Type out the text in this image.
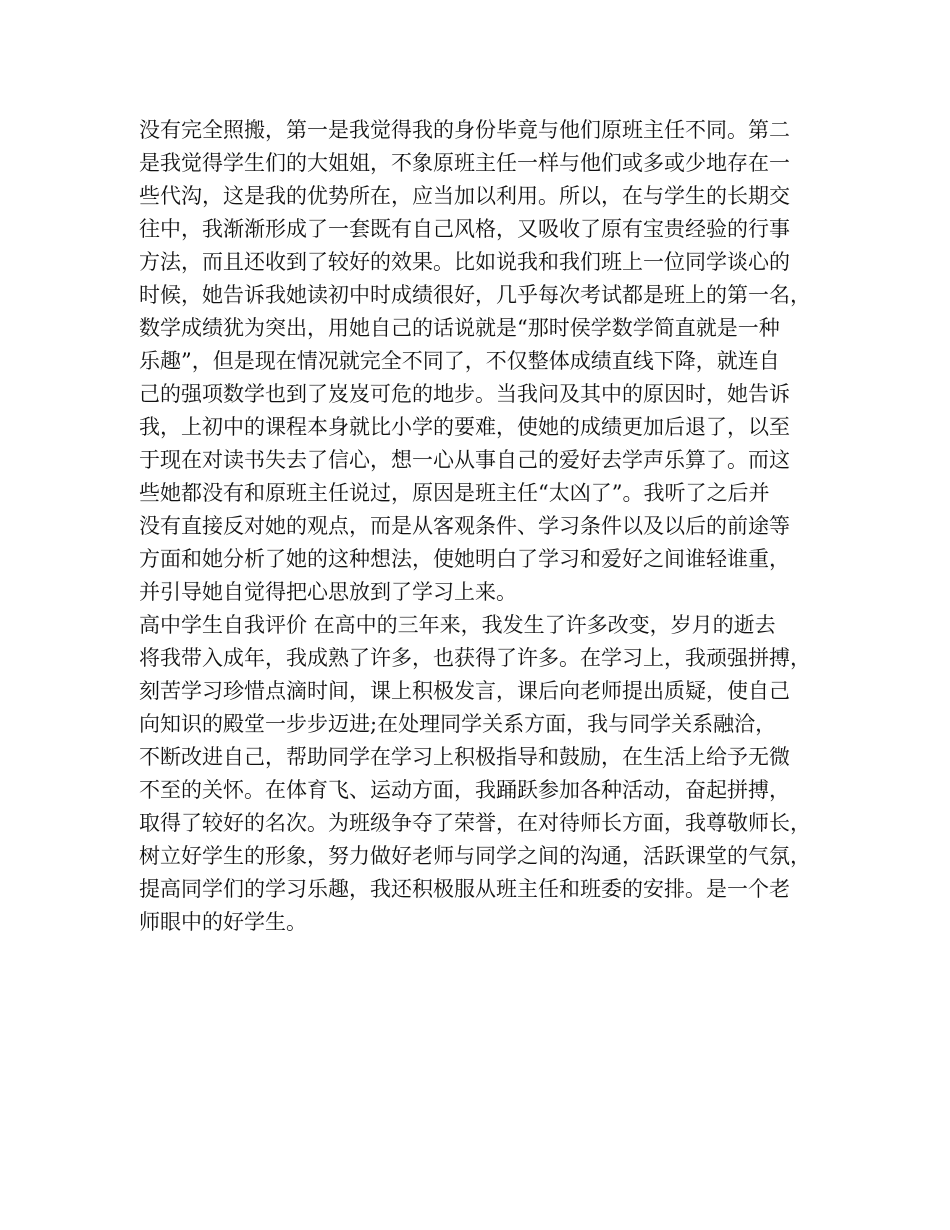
没有完全照搬，第一是我觉得我的身份毕竟与他们原班主任不同。第二
是我觉得学生们的大姐姐，不象原班主任一样与他们或多或少地存在一
些代沟，这是我的优势所在，应当加以利用。所以，在与学生的长期交
往中，我渐渐形成了一套既有自己风格，又吸收了原有宝贵经验的行事
方法，而且还收到了较好的效果。比如说我和我们班上一位同学谈心的
时候，她告诉我她读初中时成绩很好，几乎每次考试都是班上的第一名，
数学成绩犹为突出，用她自己的话说就是“那时侯学数学简直就是一种
乐趣”，但是现在情况就完全不同了，不仅整体成绩直线下降，就连自
己的强项数学也到了岌岌可危的地步。当我问及其中的原因时，她告诉
我，上初中的课程本身就比小学的要难，使她的成绩更加后退了，以至
于现在对读书失去了信心，想一心从事自己的爱好去学声乐算了。而这
些她都没有和原班主任说过，原因是班主任“太凶了”。我听了之后并
没有直接反对她的观点，而是从客观条件、学习条件以及以后的前途等
方面和她分析了她的这种想法，使她明白了学习和爱好之间谁轻谁重，
并引导她自觉得把心思放到了学习上来。
高中学生自我评价 在高中的三年来，我发生了许多改变，岁月的逝去
将我带入成年，我成熟了许多，也获得了许多。在学习上，我顽强拼搏，
刻苦学习珍惜点滴时间，课上积极发言，课后向老师提出质疑，使自己
向知识的殿堂一步步迈进;在处理同学关系方面，我与同学关系融洽，
不断改进自己，帮助同学在学习上积极指导和鼓励，在生活上给予无微
不至的关怀。在体育飞、运动方面，我踊跃参加各种活动，奋起拼搏，
取得了较好的名次。为班级争夺了荣誉，在对待师长方面，我尊敬师长，
树立好学生的形象，努力做好老师与同学之间的沟通，活跃课堂的气氛，
提高同学们的学习乐趣，我还积极服从班主任和班委的安排。是一个老
师眼中的好学生。
